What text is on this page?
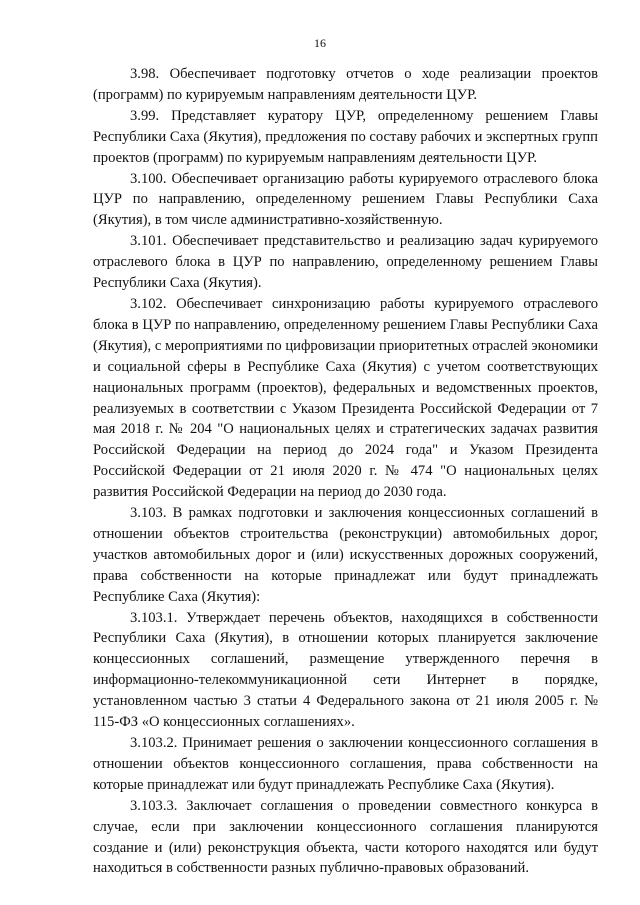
16

3.98. Обеспечивает подготовку отчетов о ходе реализации проектов (программ) по курируемым направлениям деятельности ЦУР.

3.99. Представляет куратору ЦУР, определенному решением Главы Республики Саха (Якутия), предложения по составу рабочих и экспертных групп проектов (программ) по курируемым направлениям деятельности ЦУР.

3.100. Обеспечивает организацию работы курируемого отраслевого блока ЦУР по направлению, определенному решением Главы Республики Саха (Якутия), в том числе административно-хозяйственную.

3.101. Обеспечивает представительство и реализацию задач курируемого отраслевого блока в ЦУР по направлению, определенному решением Главы Республики Саха (Якутия).

3.102. Обеспечивает синхронизацию работы курируемого отраслевого блока в ЦУР по направлению, определенному решением Главы Республики Саха (Якутия), с мероприятиями по цифровизации приоритетных отраслей экономики и социальной сферы в Республике Саха (Якутия) с учетом соответствующих национальных программ (проектов), федеральных и ведомственных проектов, реализуемых в соответствии с Указом Президента Российской Федерации от 7 мая 2018 г. № 204 "О национальных целях и стратегических задачах развития Российской Федерации на период до 2024 года" и Указом Президента Российской Федерации от 21 июля 2020 г. № 474 "О национальных целях развития Российской Федерации на период до 2030 года.

3.103. В рамках подготовки и заключения концессионных соглашений в отношении объектов строительства (реконструкции) автомобильных дорог, участков автомобильных дорог и (или) искусственных дорожных сооружений, права собственности на которые принадлежат или будут принадлежать Республике Саха (Якутия):

3.103.1. Утверждает перечень объектов, находящихся в собственности Республики Саха (Якутия), в отношении которых планируется заключение концессионных соглашений, размещение утвержденного перечня в информационно-телекоммуникационной сети Интернет в порядке, установленном частью 3 статьи 4 Федерального закона от 21 июля 2005 г. № 115-ФЗ «О концессионных соглашениях».

3.103.2. Принимает решения о заключении концессионного соглашения в отношении объектов концессионного соглашения, права собственности на которые принадлежат или будут принадлежать Республике Саха (Якутия).

3.103.3. Заключает соглашения о проведении совместного конкурса в случае, если при заключении концессионного соглашения планируются создание и (или) реконструкция объекта, части которого находятся или будут находиться в собственности разных публично-правовых образований.
